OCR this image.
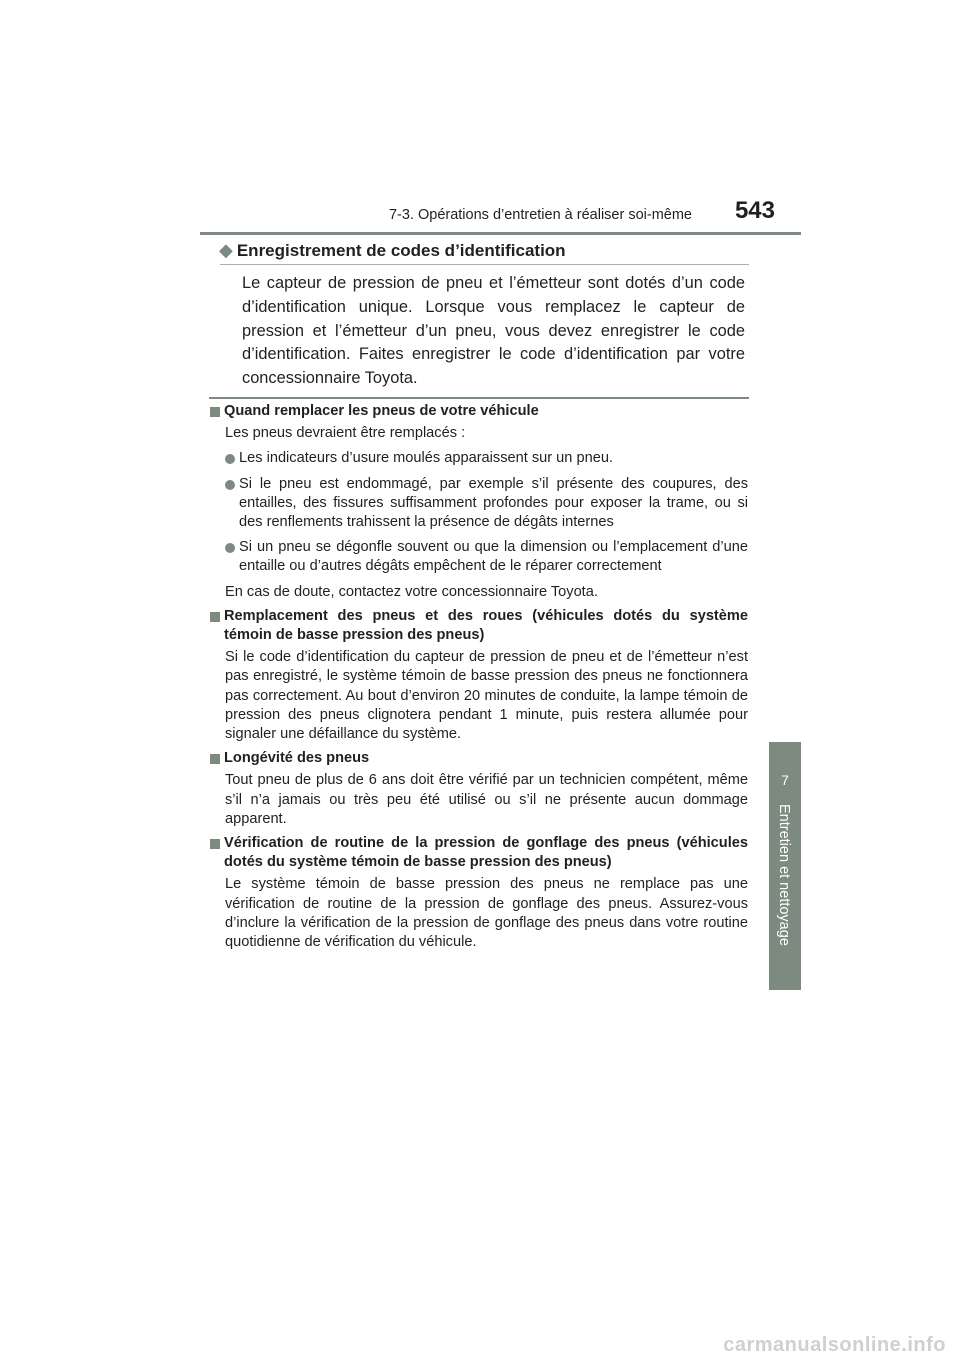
7-3. Opérations d’entretien à réaliser soi-même	543
7
Entretien et nettoyage
◆ Enregistrement de codes d’identification
Le capteur de pression de pneu et l’émetteur sont dotés d’un code d’identification unique. Lorsque vous remplacez le capteur de pression et l’émetteur d’un pneu, vous devez enregistrer le code d’identification. Faites enregistrer le code d’identification par votre concessionnaire Toyota.
Quand remplacer les pneus de votre véhicule
Les pneus devraient être remplacés :
Les indicateurs d’usure moulés apparaissent sur un pneu.
Si le pneu est endommagé, par exemple s’il présente des coupures, des entailles, des fissures suffisamment profondes pour exposer la trame, ou si des renflements trahissent la présence de dégâts internes
Si un pneu se dégonfle souvent ou que la dimension ou l’emplacement d’une entaille ou d’autres dégâts empêchent de le réparer correctement
En cas de doute, contactez votre concessionnaire Toyota.
Remplacement des pneus et des roues (véhicules dotés du système témoin de basse pression des pneus)
Si le code d’identification du capteur de pression de pneu et de l’émetteur n’est pas enregistré, le système témoin de basse pression des pneus ne fonctionnera pas correctement. Au bout d’environ 20 minutes de conduite, la lampe témoin de pression des pneus clignotera pendant 1 minute, puis restera allumée pour signaler une défaillance du système.
Longévité des pneus
Tout pneu de plus de 6 ans doit être vérifié par un technicien compétent, même s’il n’a jamais ou très peu été utilisé ou s’il ne présente aucun dommage apparent.
Vérification de routine de la pression de gonflage des pneus (véhicules dotés du système témoin de basse pression des pneus)
Le système témoin de basse pression des pneus ne remplace pas une vérification de routine de la pression de gonflage des pneus. Assurez-vous d’inclure la vérification de la pression de gonflage des pneus dans votre routine quotidienne de vérification du véhicule.
carmanualsonline.info
